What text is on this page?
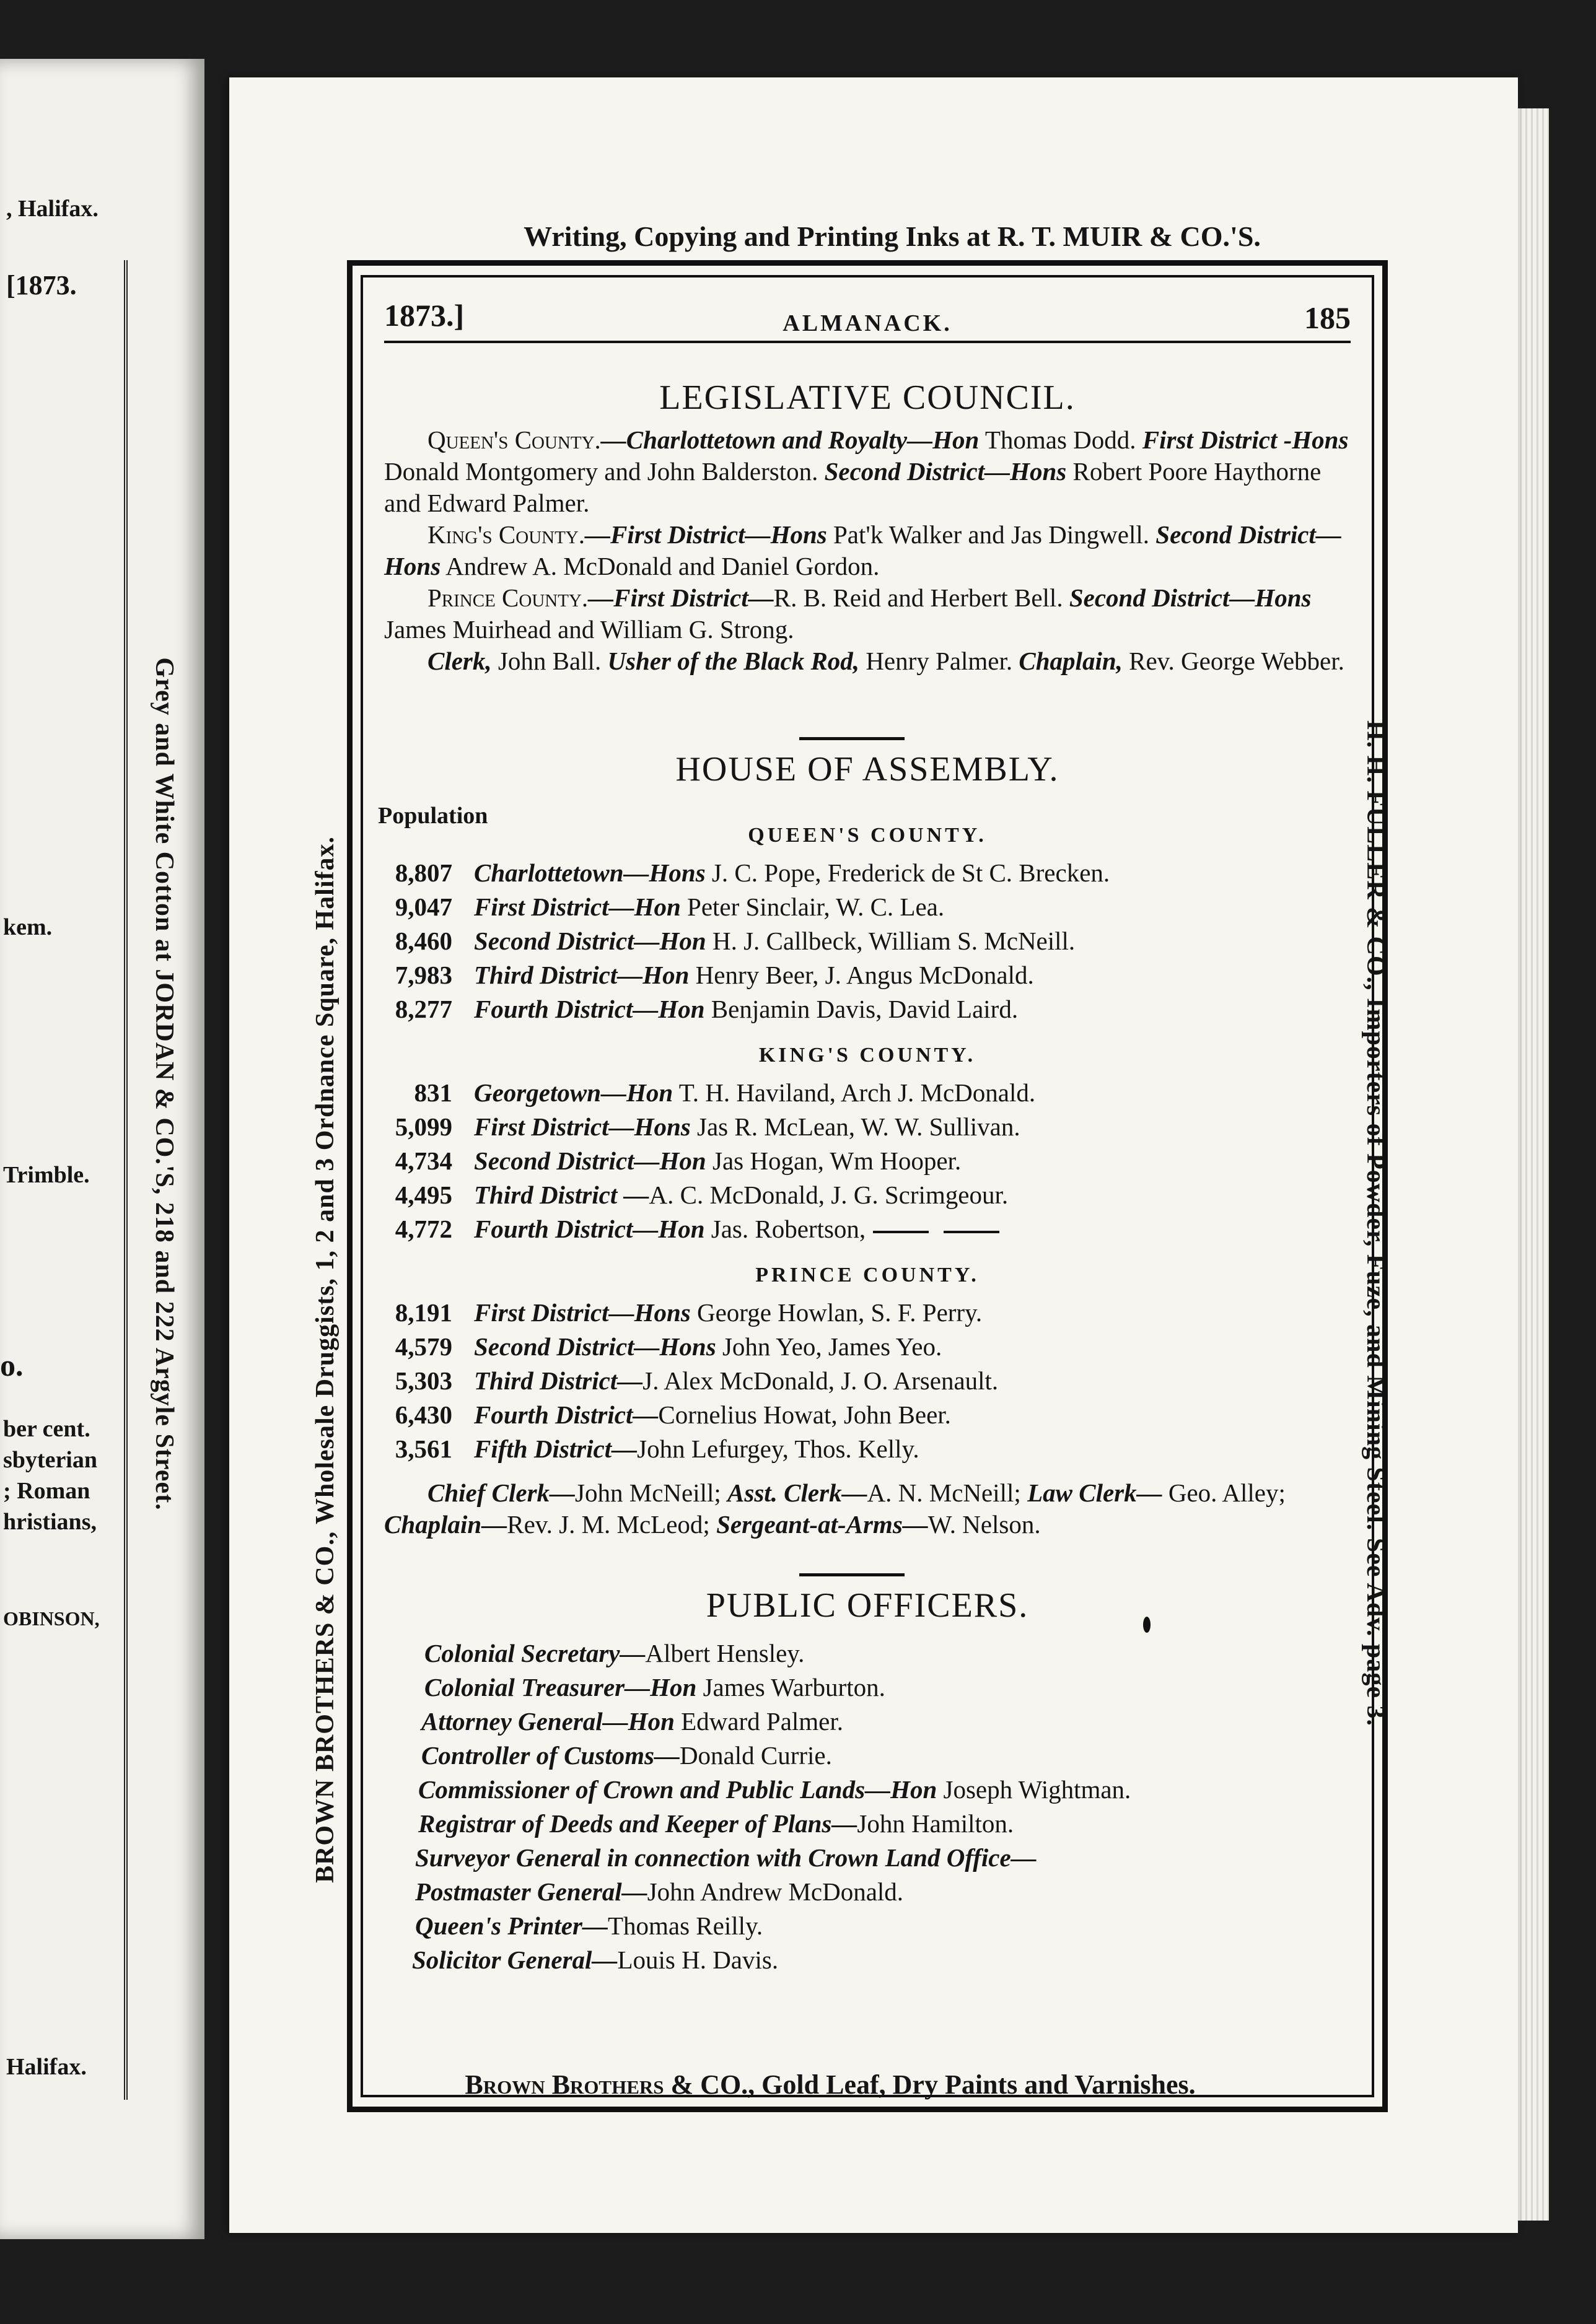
, Halifax.
[1873.
kem.
Trimble.
o.
ber cent.
sbyterian
; Roman
hristians,
OBINSON,
Halifax.
Writing, Copying and Printing Inks at R. T. MUIR & CO.'S.
Grey and White Cotton at JORDAN & CO.'S, 218 and 222 Argyle Street.	BROWN BROTHERS & CO., Wholesale Druggists, 1, 2 and 3 Ordnance Square, Halifax.	H. H. FULLER & CO., Importers of Powder, Fuze, and Mining Steel. See Adv. page 3.
Brown Brothers & CO., Gold Leaf, Dry Paints and Varnishes.
1873.]	ALMANACK.	185
LEGISLATIVE COUNCIL.
Queen's County.—Charlottetown and Royalty—Hon Thomas Dodd. First District -Hons Donald Montgomery and John Balderston. Second District—Hons Robert Poore Haythorne and Edward Palmer.
King's County.—First District—Hons Pat'k Walker and Jas Dingwell. Second District—Hons Andrew A. McDonald and Daniel Gordon.
Prince County.—First District—R. B. Reid and Herbert Bell. Second District—Hons James Muirhead and William G. Strong.
Clerk, John Ball. Usher of the Black Rod, Henry Palmer. Chaplain, Rev. George Webber.
HOUSE OF ASSEMBLY.
Population
QUEEN'S COUNTY.
8,807 Charlottetown—Hons J. C. Pope, Frederick de St C. Brecken.
9,047 First District—Hon Peter Sinclair, W. C. Lea.
8,460 Second District—Hon H. J. Callbeck, William S. McNeill.
7,983 Third District—Hon Henry Beer, J. Angus McDonald.
8,277 Fourth District—Hon Benjamin Davis, David Laird.
KING'S COUNTY.
831 Georgetown—Hon T. H. Haviland, Arch J. McDonald.
5,099 First District—Hons Jas R. McLean, W. W. Sullivan.
4,734 Second District—Hon Jas Hogan, Wm Hooper.
4,495 Third District —A. C. McDonald, J. G. Scrimgeour.
4,772 Fourth District—Hon Jas. Robertson,
PRINCE COUNTY.
8,191 First District—Hons George Howlan, S. F. Perry.
4,579 Second District—Hons John Yeo, James Yeo.
5,303 Third District—J. Alex McDonald, J. O. Arsenault.
6,430 Fourth District—Cornelius Howat, John Beer.
3,561 Fifth District—John Lefurgey, Thos. Kelly.
Chief Clerk—John McNeill; Asst. Clerk—A. N. McNeill; Law Clerk— Geo. Alley; Chaplain—Rev. J. M. McLeod; Sergeant-at-Arms—W. Nelson.
PUBLIC OFFICERS.
Colonial Secretary—Albert Hensley.
Colonial Treasurer—Hon James Warburton.
Attorney General—Hon Edward Palmer.
Controller of Customs—Donald Currie.
Commissioner of Crown and Public Lands—Hon Joseph Wightman.
Registrar of Deeds and Keeper of Plans—John Hamilton.
Surveyor General in connection with Crown Land Office—
Postmaster General—John Andrew McDonald.
Queen's Printer—Thomas Reilly.
Solicitor General—Louis H. Davis.
